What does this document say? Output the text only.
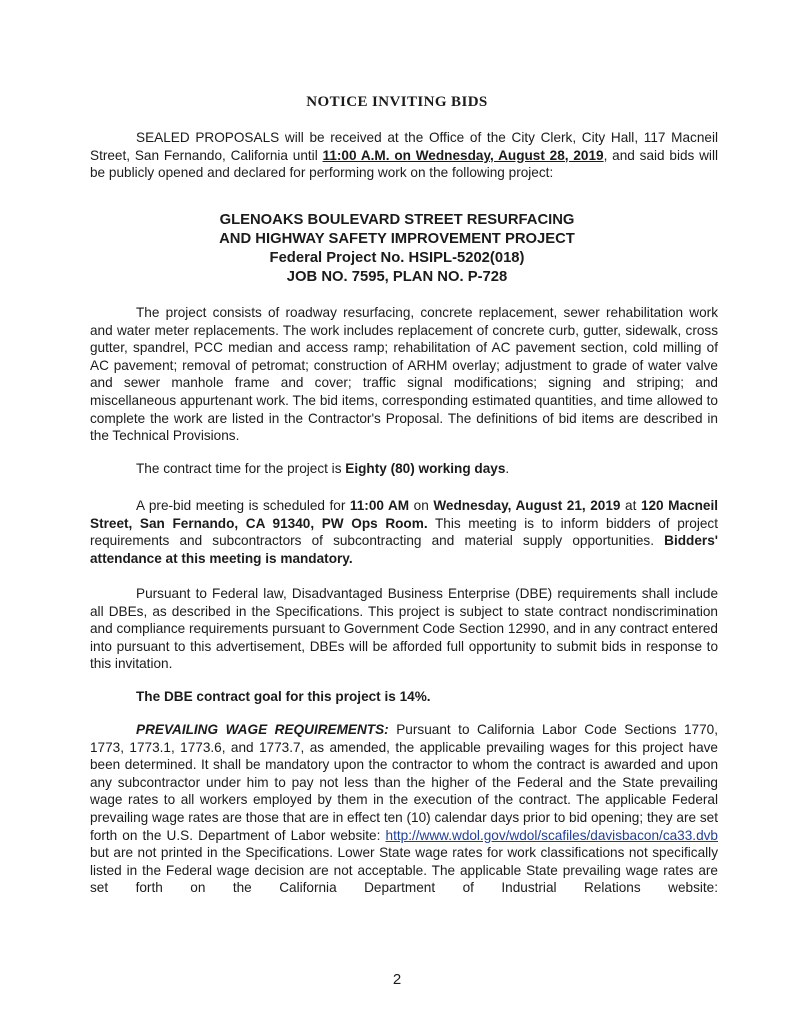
NOTICE INVITING BIDS

SEALED PROPOSALS will be received at the Office of the City Clerk, City Hall, 117 Macneil Street, San Fernando, California until 11:00 A.M. on Wednesday, August 28, 2019, and said bids will be publicly opened and declared for performing work on the following project:

GLENOAKS BOULEVARD STREET RESURFACING
AND HIGHWAY SAFETY IMPROVEMENT PROJECT
Federal Project No. HSIPL-5202(018)
JOB NO. 7595, PLAN NO. P-728

The project consists of roadway resurfacing, concrete replacement, sewer rehabilitation work and water meter replacements. The work includes replacement of concrete curb, gutter, sidewalk, cross gutter, spandrel, PCC median and access ramp; rehabilitation of AC pavement section, cold milling of AC pavement; removal of petromat; construction of ARHM overlay; adjustment to grade of water valve and sewer manhole frame and cover; traffic signal modifications; signing and striping; and miscellaneous appurtenant work. The bid items, corresponding estimated quantities, and time allowed to complete the work are listed in the Contractor's Proposal. The definitions of bid items are described in the Technical Provisions.

The contract time for the project is Eighty (80) working days.

A pre-bid meeting is scheduled for 11:00 AM on Wednesday, August 21, 2019 at 120 Macneil Street, San Fernando, CA 91340, PW Ops Room. This meeting is to inform bidders of project requirements and subcontractors of subcontracting and material supply opportunities. Bidders' attendance at this meeting is mandatory.

Pursuant to Federal law, Disadvantaged Business Enterprise (DBE) requirements shall include all DBEs, as described in the Specifications. This project is subject to state contract nondiscrimination and compliance requirements pursuant to Government Code Section 12990, and in any contract entered into pursuant to this advertisement, DBEs will be afforded full opportunity to submit bids in response to this invitation.

The DBE contract goal for this project is 14%.

PREVAILING WAGE REQUIREMENTS: Pursuant to California Labor Code Sections 1770, 1773, 1773.1, 1773.6, and 1773.7, as amended, the applicable prevailing wages for this project have been determined. It shall be mandatory upon the contractor to whom the contract is awarded and upon any subcontractor under him to pay not less than the higher of the Federal and the State prevailing wage rates to all workers employed by them in the execution of the contract. The applicable Federal prevailing wage rates are those that are in effect ten (10) calendar days prior to bid opening; they are set forth on the U.S. Department of Labor website: http://www.wdol.gov/wdol/scafiles/davisbacon/ca33.dvb but are not printed in the Specifications. Lower State wage rates for work classifications not specifically listed in the Federal wage decision are not acceptable. The applicable State prevailing wage rates are set forth on the California Department of Industrial Relations website:

2
